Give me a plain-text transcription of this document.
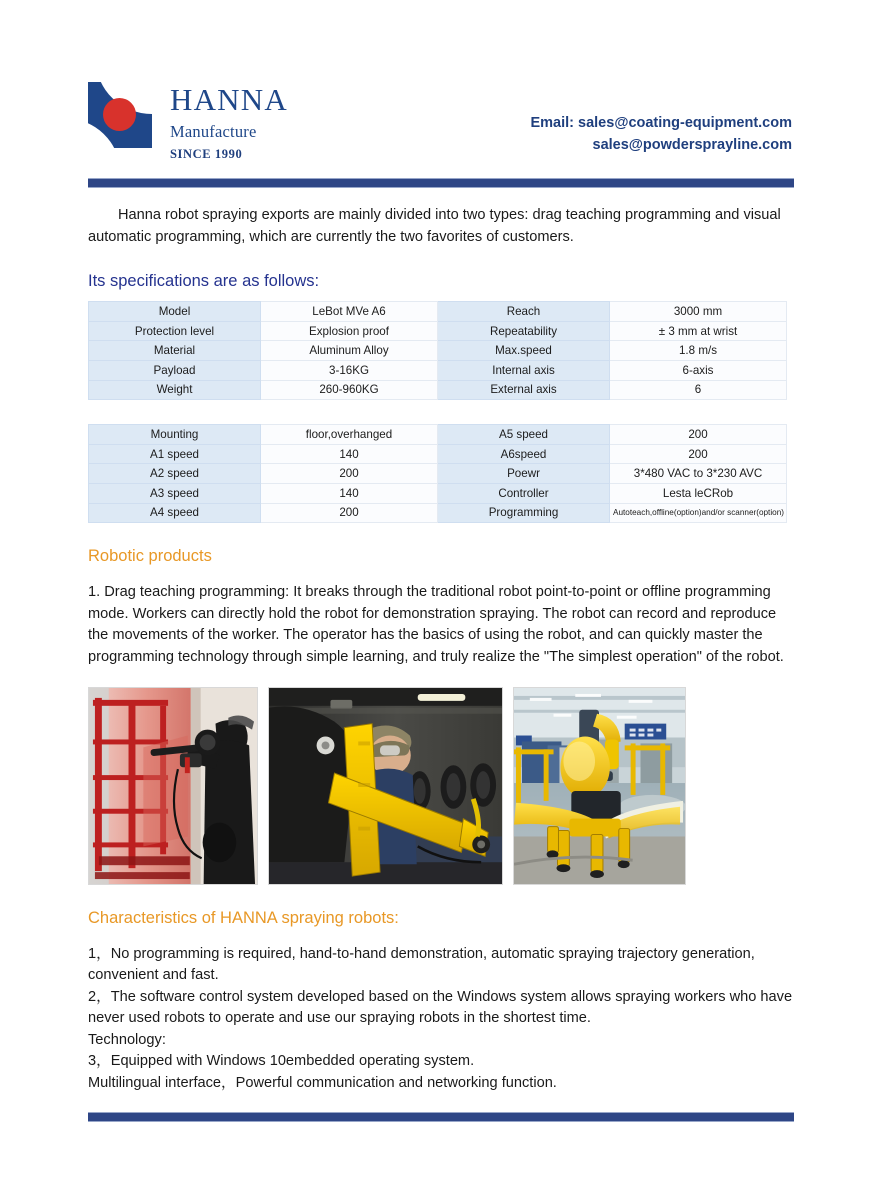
HANNA
Manufacture
SINCE 1990
Email: sales@coating-equipment.com
sales@powdersprayline.com

Hanna robot spraying exports are mainly divided into two types: drag teaching programming and visual automatic programming, which are currently the two favorites of customers.

Its specifications are as follows:

Model	LeBot MVe A6	Reach	3000 mm
Protection level	Explosion proof	Repeatability	± 3 mm at wrist
Material	Aluminum Alloy	Max.speed	1.8 m/s
Payload	3-16KG	Internal axis	6-axis
Weight	260-960KG	External axis	6
Mounting	floor,overhanged	A5 speed	200
A1 speed	140	A6speed	200
A2 speed	200	Poewr	3*480 VAC to 3*230 AVC
A3 speed	140	Controller	Lesta leCRob
A4 speed	200	Programming	Autoteach,offline(option)and/or scanner(option)

Robotic products

1. Drag teaching programming: It breaks through the traditional robot point-to-point or offline programming mode. Workers can directly hold the robot for demonstration spraying. The robot can record and reproduce the movements of the worker. The operator has the basics of using the robot, and can quickly master the programming technology through simple learning, and truly realize the "The simplest operation" of the robot.

Characteristics of HANNA spraying robots:

1，No programming is required, hand-to-hand demonstration, automatic spraying trajectory generation, convenient and fast.

2，The software control system developed based on the Windows system allows spraying workers who have never used robots to operate and use our spraying robots in the shortest time.

Technology:

3，Equipped with Windows 10embedded operating system.

Multilingual interface，Powerful communication and networking function.
